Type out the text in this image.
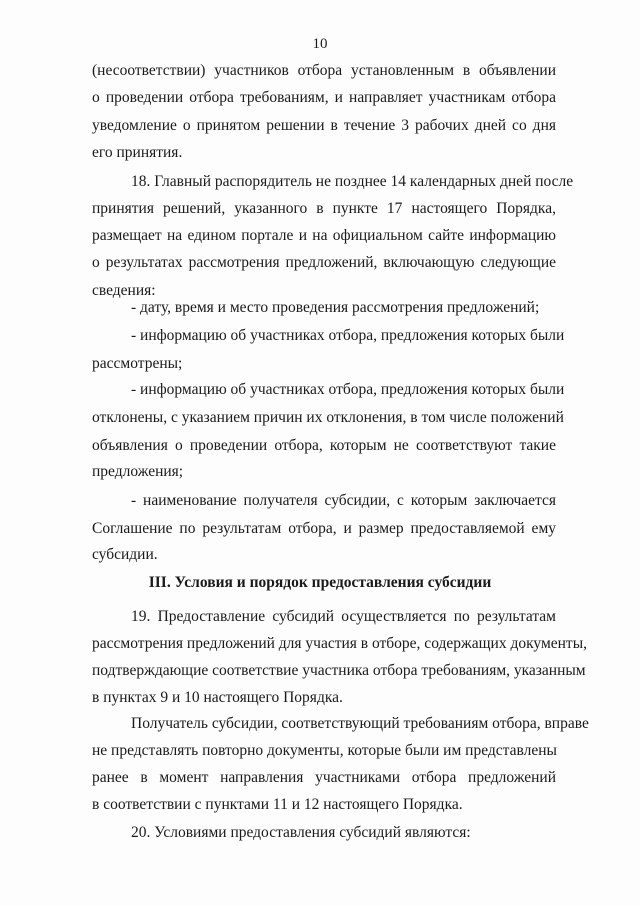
10
(несоответствии) участников отбора установленным в объявлении
о проведении отбора требованиям, и направляет участникам отбора
уведомление о принятом решении в течение 3 рабочих дней со дня
его принятия.
18. Главный распорядитель не позднее 14 календарных дней после
принятия решений, указанного в пункте 17 настоящего Порядка,
размещает на едином портале и на официальном сайте информацию
о результатах рассмотрения предложений, включающую следующие
сведения:
- дату, время и место проведения рассмотрения предложений;
- информацию об участниках отбора, предложения которых были
рассмотрены;
- информацию об участниках отбора, предложения которых были
отклонены, с указанием причин их отклонения, в том числе положений
объявления о проведении отбора, которым не соответствуют такие
предложения;
- наименование получателя субсидии, с которым заключается
Соглашение по результатам отбора, и размер предоставляемой ему
субсидии.
III. Условия и порядок предоставления субсидии
19. Предоставление субсидий осуществляется по результатам
рассмотрения предложений для участия в отборе, содержащих документы,
подтверждающие соответствие участника отбора требованиям, указанным
в пунктах 9 и 10 настоящего Порядка.
Получатель субсидии, соответствующий требованиям отбора, вправе
не представлять повторно документы, которые были им представлены
ранее в момент направления участниками отбора предложений
в соответствии с пунктами 11 и 12 настоящего Порядка.
20. Условиями предоставления субсидий являются:
